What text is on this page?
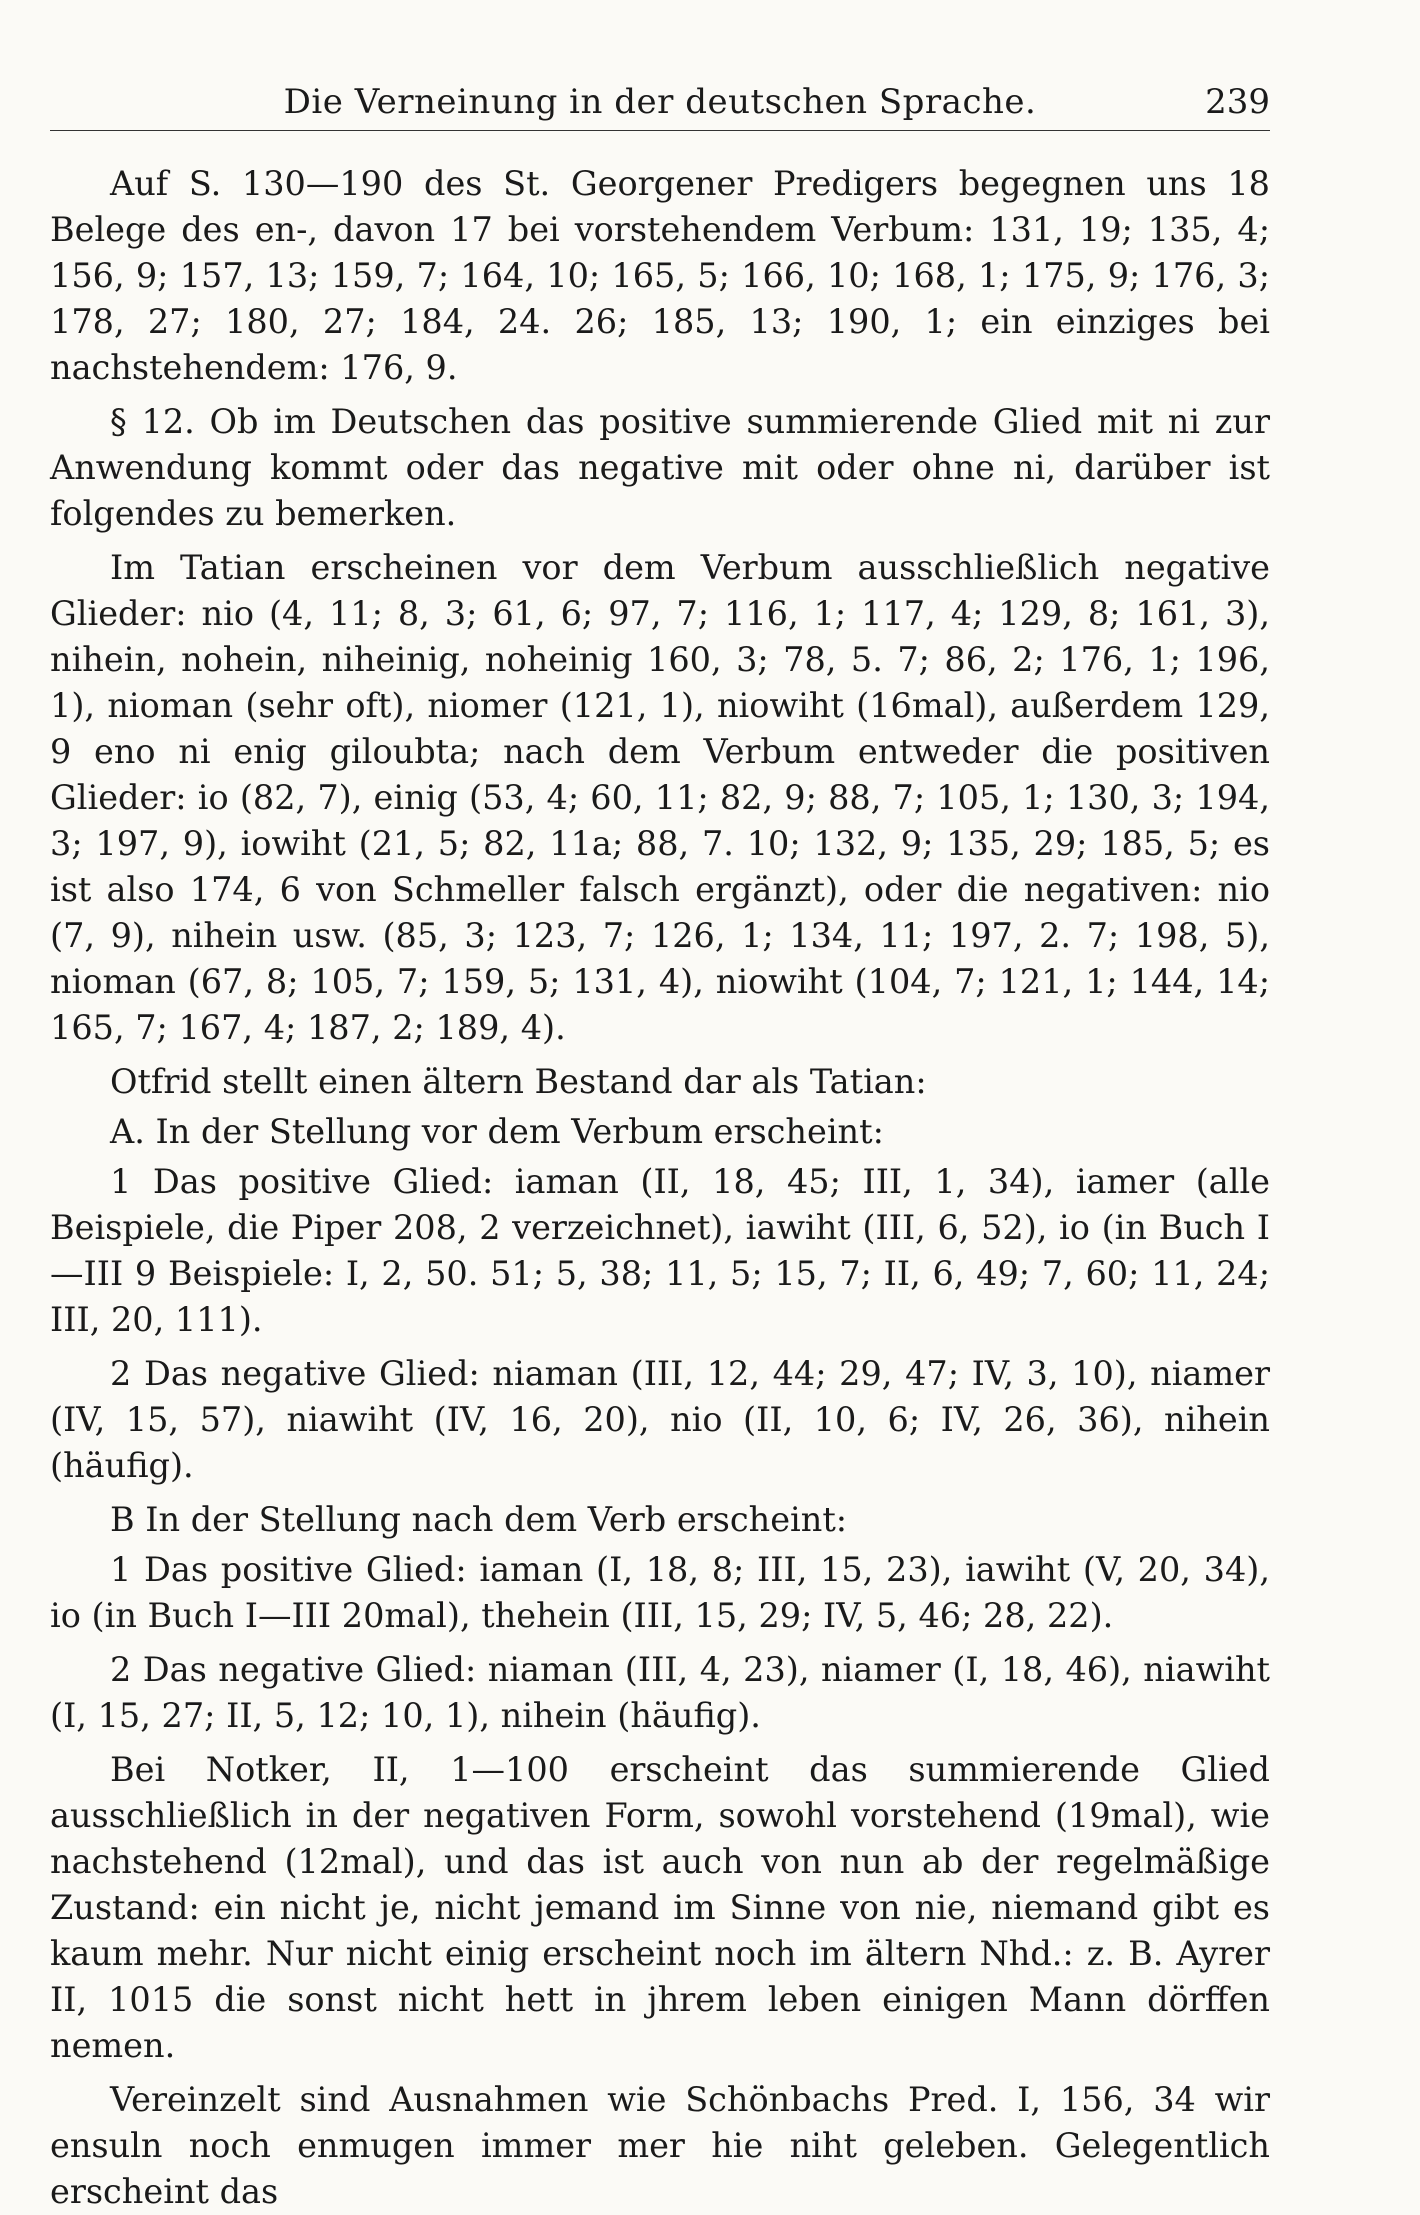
Die Verneinung in der deutschen Sprache.	239

Auf S. 130—190 des St. Georgener Predigers begegnen uns 18 Belege des en-, davon 17 bei vorstehendem Verbum: 131, 19; 135, 4; 156, 9; 157, 13; 159, 7; 164, 10; 165, 5; 166, 10; 168, 1; 175, 9; 176, 3; 178, 27; 180, 27; 184, 24. 26; 185, 13; 190, 1; ein einziges bei nachstehendem: 176, 9.

§ 12. Ob im Deutschen das positive summierende Glied mit ni zur Anwendung kommt oder das negative mit oder ohne ni, darüber ist folgendes zu bemerken.

Im Tatian erscheinen vor dem Verbum ausschließlich negative Glieder: nio (4, 11; 8, 3; 61, 6; 97, 7; 116, 1; 117, 4; 129, 8; 161, 3), nihein, nohein, niheinig, noheinig 160, 3; 78, 5. 7; 86, 2; 176, 1; 196, 1), nioman (sehr oft), niomer (121, 1), niowiht (16mal), außerdem 129, 9 eno ni enig giloubta; nach dem Verbum entweder die positiven Glieder: io (82, 7), einig (53, 4; 60, 11; 82, 9; 88, 7; 105, 1; 130, 3; 194, 3; 197, 9), iowiht (21, 5; 82, 11a; 88, 7. 10; 132, 9; 135, 29; 185, 5; es ist also 174, 6 von Schmeller falsch ergänzt), oder die negativen: nio (7, 9), nihein usw. (85, 3; 123, 7; 126, 1; 134, 11; 197, 2. 7; 198, 5), nioman (67, 8; 105, 7; 159, 5; 131, 4), niowiht (104, 7; 121, 1; 144, 14; 165, 7; 167, 4; 187, 2; 189, 4).

Otfrid stellt einen ältern Bestand dar als Tatian:

A. In der Stellung vor dem Verbum erscheint:

1 Das positive Glied: iaman (II, 18, 45; III, 1, 34), iamer (alle Beispiele, die Piper 208, 2 verzeichnet), iawiht (III, 6, 52), io (in Buch I—III 9 Beispiele: I, 2, 50. 51; 5, 38; 11, 5; 15, 7; II, 6, 49; 7, 60; 11, 24; III, 20, 111).

2 Das negative Glied: niaman (III, 12, 44; 29, 47; IV, 3, 10), niamer (IV, 15, 57), niawiht (IV, 16, 20), nio (II, 10, 6; IV, 26, 36), nihein (häufig).

B In der Stellung nach dem Verb erscheint:

1 Das positive Glied: iaman (I, 18, 8; III, 15, 23), iawiht (V, 20, 34), io (in Buch I—III 20mal), thehein (III, 15, 29; IV, 5, 46; 28, 22).

2 Das negative Glied: niaman (III, 4, 23), niamer (I, 18, 46), niawiht (I, 15, 27; II, 5, 12; 10, 1), nihein (häufig).

Bei Notker, II, 1—100 erscheint das summierende Glied ausschließlich in der negativen Form, sowohl vorstehend (19mal), wie nachstehend (12mal), und das ist auch von nun ab der regelmäßige Zustand: ein nicht je, nicht jemand im Sinne von nie, niemand gibt es kaum mehr. Nur nicht einig erscheint noch im ältern Nhd.: z. B. Ayrer II, 1015 die sonst nicht hett in jhrem leben einigen Mann dörffen nemen.

Vereinzelt sind Ausnahmen wie Schönbachs Pred. I, 156, 34 wir ensuln noch enmugen immer mer hie niht geleben. Gelegentlich erscheint das
